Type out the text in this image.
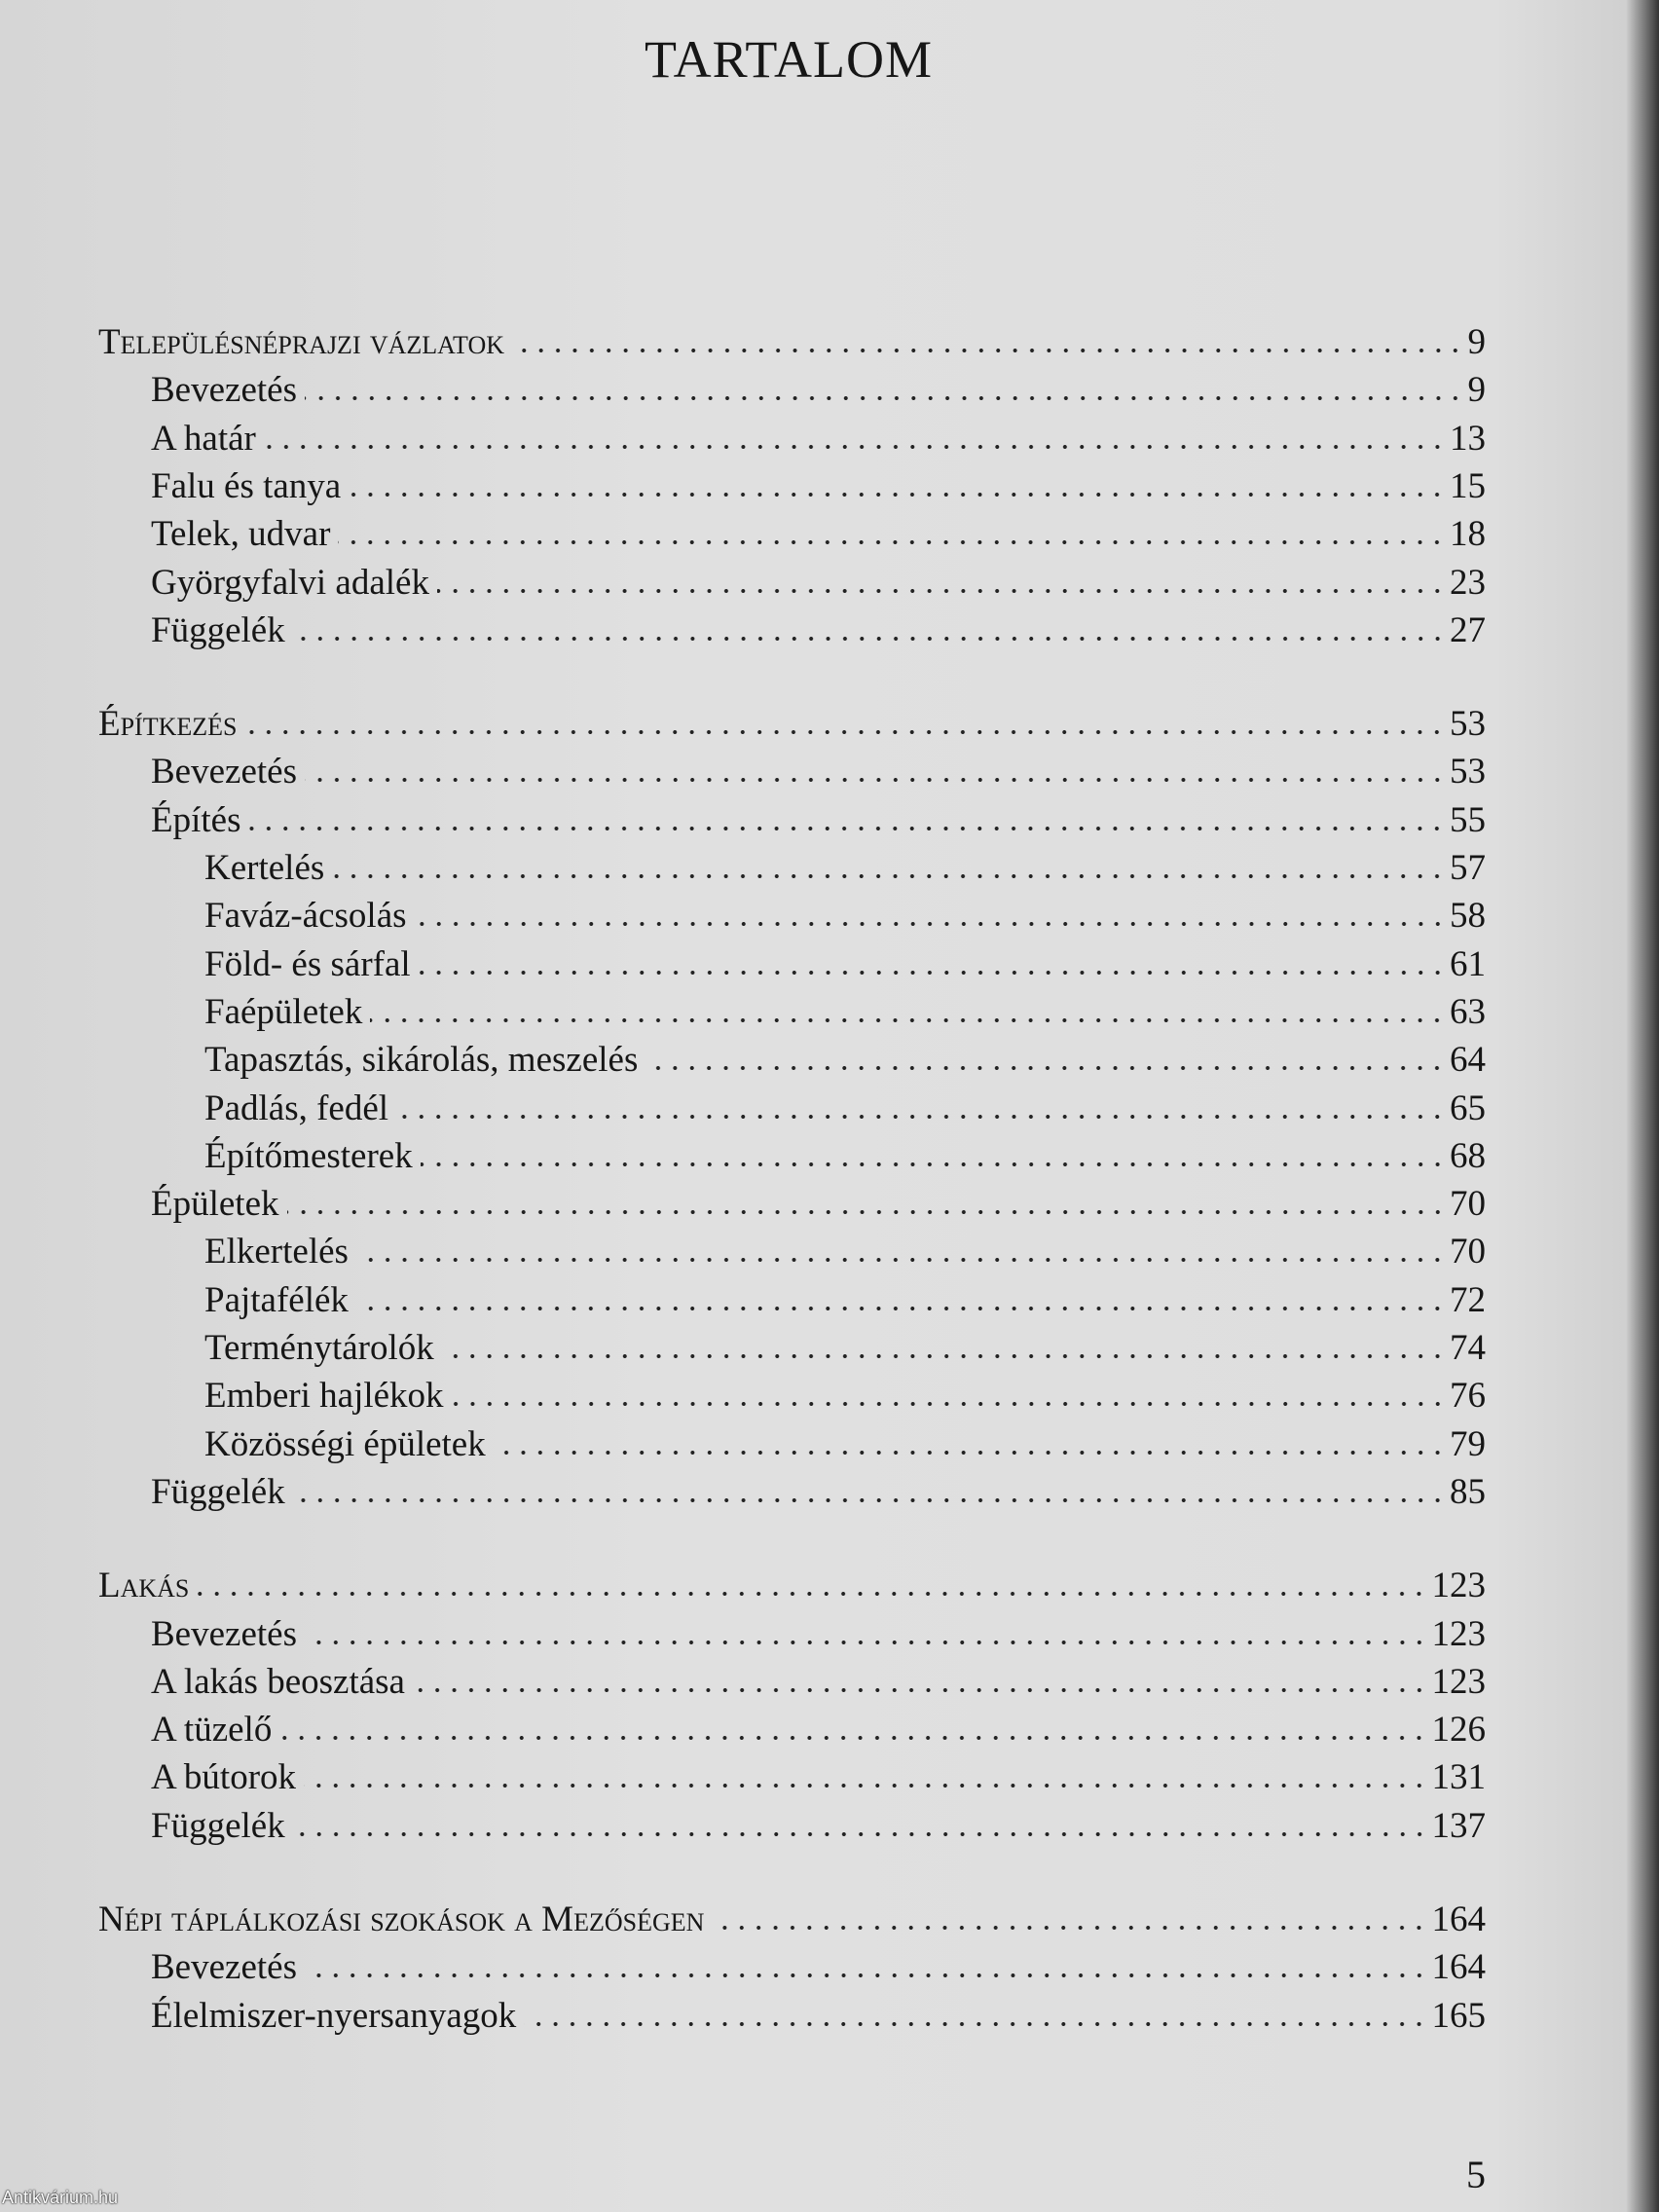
TARTALOM
Településnéprajzi vázlatok	9
Bevezetés	9
A határ	13
Falu és tanya	15
Telek, udvar	18
Györgyfalvi adalék	23
Függelék	27
Építkezés	53
Bevezetés	53
Építés	55
Kertelés	57
Faváz-ácsolás	58
Föld- és sárfal	61
Faépületek	63
Tapasztás, sikárolás, meszelés	64
Padlás, fedél	65
Építőmesterek	68
Épületek	70
Elkertelés	70
Pajtafélék	72
Terménytárolók	74
Emberi hajlékok	76
Közösségi épületek	79
Függelék	85
Lakás	123
Bevezetés	123
A lakás beosztása	123
A tüzelő	126
A bútorok	131
Függelék	137
Népi táplálkozási szokások a Mezőségen	164
Bevezetés	164
Élelmiszer-nyersanyagok	165
5
Antikvárium.hu
